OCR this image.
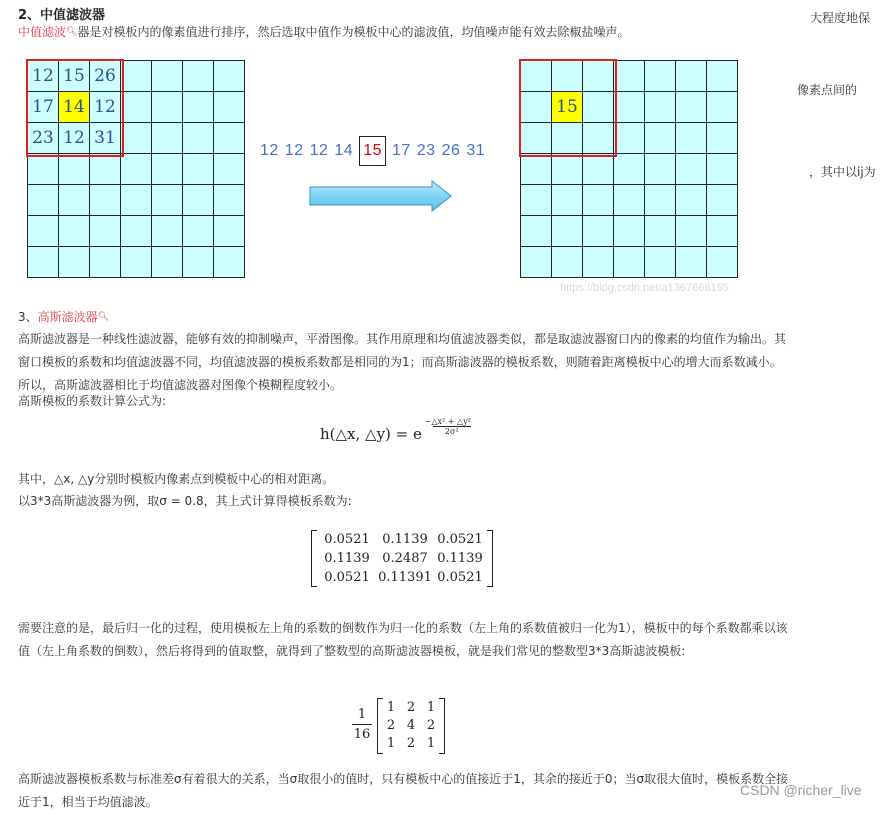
2、中值滤波器
中值滤波🔍︎器是对模板内的像素值进行排序，然后选取中值作为模板中心的滤波值，均值噪声能有效去除椒盐噪声。
大程度地保
像素点间的
，其中以ij为
12 15 26
17 14 12
23 12 31
12 12 12 14 15 17 23 26 31
15
https://blog.csdn.net/a1367666195
3、高斯滤波器🔍︎
高斯滤波器是一种线性滤波器，能够有效的抑制噪声，平滑图像。其作用原理和均值滤波器类似，都是取滤波器窗口内的像素的均值作为输出。其窗口模板的系数和均值滤波器不同，均值滤波器的模板系数都是相同的为1；而高斯滤波器的模板系数，则随着距离模板中心的增大而系数减小。所以，高斯滤波器相比于均值滤波器对图像个模糊程度较小。
高斯模板的系数计算公式为:
h(△x, △y) = e $\frac{\text{−△x² + △y²}}{\text{2σ²}}$
其中，△x, △y分别时模板内像素点到模板中心的相对距离。
以3*3高斯滤波器为例，取σ = 0.8，其上式计算得模板系数为:
0.0521 0.1139 0.0521
0.1139 0.2487 0.1139
0.0521 0.11391 0.0521
需要注意的是，最后归一化的过程，使用模板左上角的系数的倒数作为归一化的系数（左上角的系数值被归一化为1），模板中的每个系数都乘以该值（左上角系数的倒数），然后将得到的值取整，就得到了整数型的高斯滤波器模板，就是我们常见的整数型3*3高斯滤波模板:
$\frac{1}{16}$	1 2 1
2 4 2
1 2 1
高斯滤波器模板系数与标准差σ有着很大的关系，当σ取很小的值时，只有模板中心的值接近于1，其余的接近于0；当σ取很大值时，模板系数全接近于1，相当于均值滤波。
CSDN @richer_live
